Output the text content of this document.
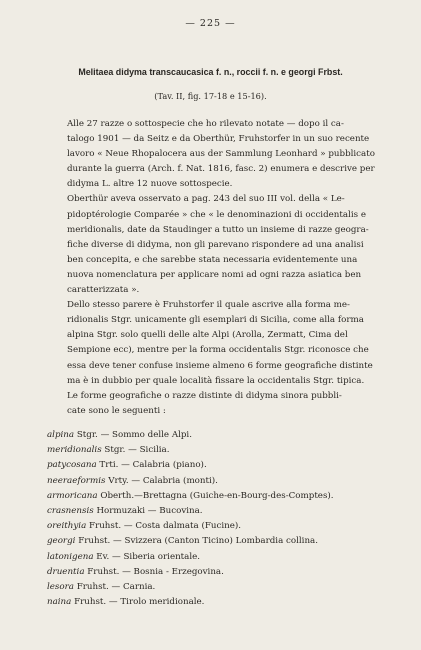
— 225 —
Melitaea didyma transcaucasica f. n., roccii f. n. e georgi Frbst.
(Tav. II, fig. 17-18 e 15-16).

Alle 27 razze o sottospecie che ho rilevato notate — dopo il ca-
talogo 1901 — da Seitz e da Oberthür, Fruhstorfer in un suo recente
lavoro « Neue Rhopalocera aus der Sammlung Leonhard » pubblicato
durante la guerra (Arch. f. Nat. 1816, fasc. 2) enumera e descrive per
didyma L. altre 12 nuove sottospecie.

Oberthür aveva osservato a pag. 243 del suo III vol. della « Le-
pidoptérologie Comparée » che « le denominazioni di occidentalis e
meridionalis, date da Staudinger a tutto un insieme di razze geogra-
fiche diverse di didyma, non gli parevano rispondere ad una analisi
ben concepita, e che sarebbe stata necessaria evidentemente una
nuova nomenclatura per applicare nomi ad ogni razza asiatica ben
caratterizzata ».

Dello stesso parere è Fruhstorfer il quale ascrive alla forma me-
ridionalis Stgr. unicamente gli esemplari di Sicilia, come alla forma
alpina Stgr. solo quelli delle alte Alpi (Arolla, Zermatt, Cima del
Sempione ecc), mentre per la forma occidentalis Stgr. riconosce che
essa deve tener confuse insieme almeno 6 forme geografiche distinte
ma è in dubbio per quale località fissare la occidentalis Stgr. tipica.

Le forme geografiche o razze distinte di didyma sinora pubbli-
cate sono le seguenti :

alpina Stgr. — Sommo delle Alpi.
meridionalis Stgr. — Sicilia.
patycosana Trti. — Calabria (piano).
neeraeformis Vrty. — Calabria (monti).
armoricana Oberth.—Brettagna (Guiche-en-Bourg-des-Comptes).
crasnensis Hormuzaki — Bucovina.
oreithyia Fruhst. — Costa dalmata (Fucine).
georgi Fruhst. — Svizzera (Canton Ticino) Lombardia collina.
latonigena Ev. — Siberia orientale.
druentia Fruhst. — Bosnia - Erzegovina.
lesora Fruhst. — Carnia.
naina Fruhst. — Tirolo meridionale.
